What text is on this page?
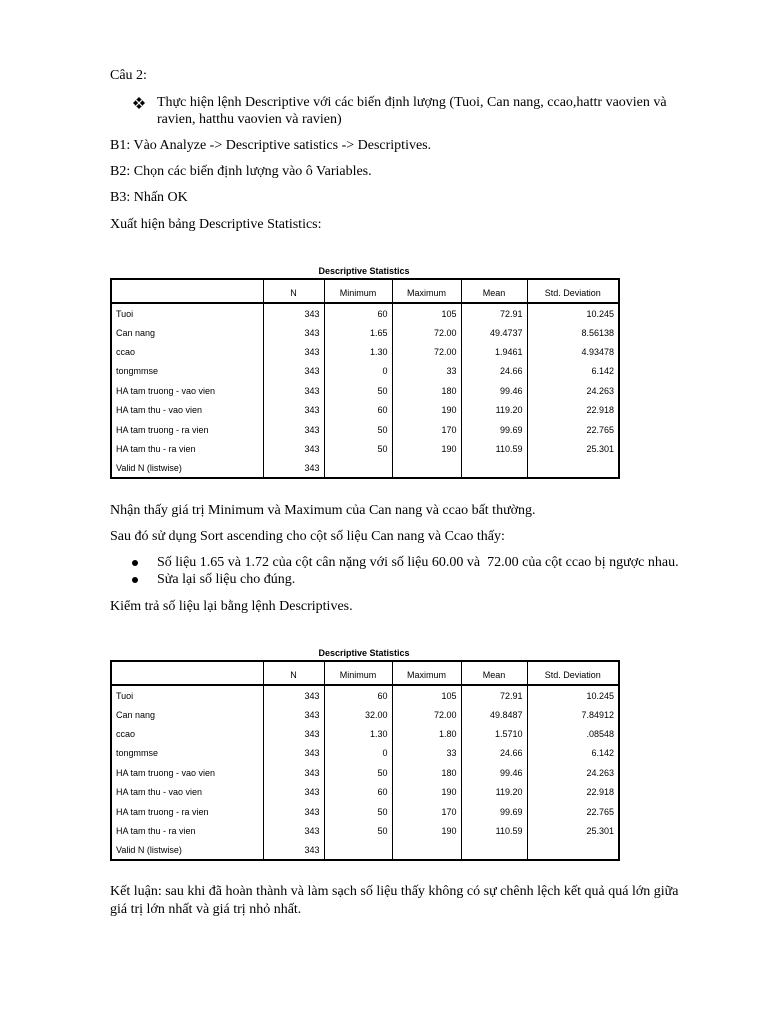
Câu 2:

Thực hiện lệnh Descriptive với các biến định lượng (Tuoi, Can nang, ccao,hattr vaovien và ravien, hatthu vaovien và ravien)

B1: Vào Analyze -> Descriptive satistics -> Descriptives.

B2: Chọn các biến định lượng vào ô Variables.

B3: Nhấn OK

Xuất hiện bảng Descriptive Statistics:

Descriptive Statistics
	N	Minimum	Maximum	Mean	Std. Deviation
Tuoi	343	60	105	72.91	10.245
Can nang	343	1.65	72.00	49.4737	8.56138
ccao	343	1.30	72.00	1.9461	4.93478
tongmmse	343	0	33	24.66	6.142
HA tam truong - vao vien	343	50	180	99.46	24.263
HA tam thu - vao vien	343	60	190	119.20	22.918
HA tam truong - ra vien	343	50	170	99.69	22.765
HA tam thu - ra vien	343	50	190	110.59	25.301
Valid N (listwise)	343				

Nhận thấy giá trị Minimum và Maximum của Can nang và ccao bất thường.

Sau đó sử dụng Sort ascending cho cột số liệu Can nang và Ccao thấy:

Số liệu 1.65 và 1.72 của cột cân nặng với số liệu 60.00 và  72.00 của cột ccao bị ngược nhau.

Sửa lại số liệu cho đúng.

Kiểm trả số liệu lại bằng lệnh Descriptives.

Descriptive Statistics
	N	Minimum	Maximum	Mean	Std. Deviation
Tuoi	343	60	105	72.91	10.245
Can nang	343	32.00	72.00	49.8487	7.84912
ccao	343	1.30	1.80	1.5710	.08548
tongmmse	343	0	33	24.66	6.142
HA tam truong - vao vien	343	50	180	99.46	24.263
HA tam thu - vao vien	343	60	190	119.20	22.918
HA tam truong - ra vien	343	50	170	99.69	22.765
HA tam thu - ra vien	343	50	190	110.59	25.301
Valid N (listwise)	343				

Kết luận: sau khi đã hoàn thành và làm sạch số liệu thấy không có sự chênh lệch kết quả quá lớn giữa giá trị lớn nhất và giá trị nhỏ nhất.
